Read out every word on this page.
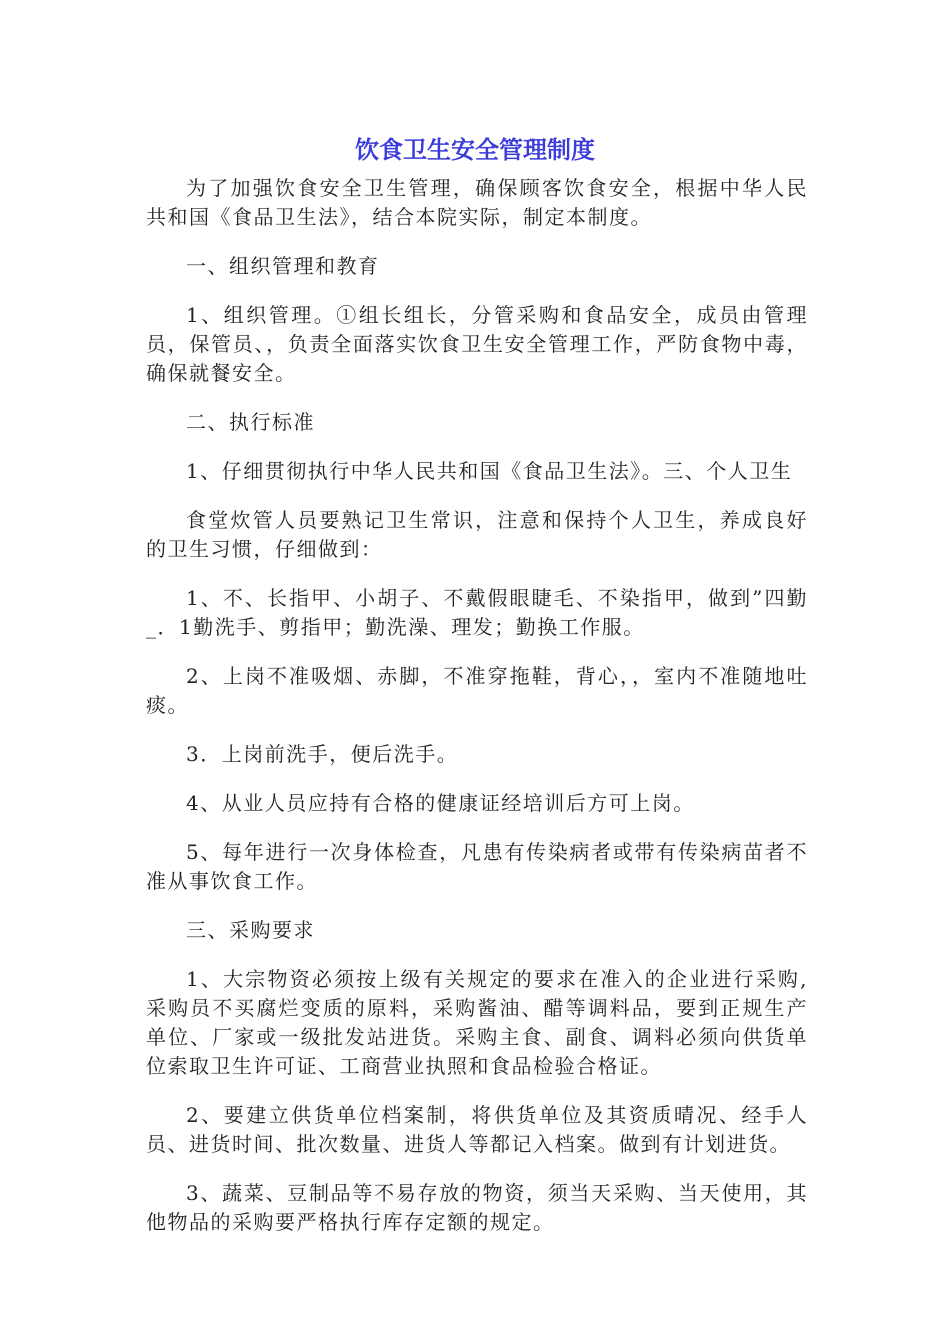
饮食卫生安全管理制度

为了加强饮食安全卫生管理，确保顾客饮食安全，根据中华人民共和国《食品卫生法》，结合本院实际，制定本制度。

一、组织管理和教育

1、组织管理。①组长组长，分管采购和食品安全，成员由管理员，保管员、，负责全面落实饮食卫生安全管理工作，严防食物中毒，确保就餐安全。

二、执行标准

1、仔细贯彻执行中华人民共和国《食品卫生法》。三、个人卫生

食堂炊管人员要熟记卫生常识，注意和保持个人卫生，养成良好的卫生习惯，仔细做到：

1、不、长指甲、小胡子、不戴假眼睫毛、不染指甲，做到”四勤_．1勤洗手、剪指甲；勤洗澡、理发；勤换工作服。

2、上岗不准吸烟、赤脚，不准穿拖鞋，背心，，室内不准随地吐痰。

3．上岗前洗手，便后洗手。

4、从业人员应持有合格的健康证经培训后方可上岗。

5、每年进行一次身体检查，凡患有传染病者或带有传染病苗者不准从事饮食工作。

三、采购要求

1、大宗物资必须按上级有关规定的要求在准入的企业进行采购,采购员不买腐烂变质的原料，采购酱油、醋等调料品，要到正规生产单位、厂家或一级批发站进货。采购主食、副食、调料必须向供货单位索取卫生许可证、工商营业执照和食品检验合格证。

2、要建立供货单位档案制，将供货单位及其资质晴况、经手人员、进货时间、批次数量、进货人等都记入档案。做到有计划进货。

3、蔬菜、豆制品等不易存放的物资，须当天采购、当天使用，其他物品的采购要严格执行库存定额的规定。
